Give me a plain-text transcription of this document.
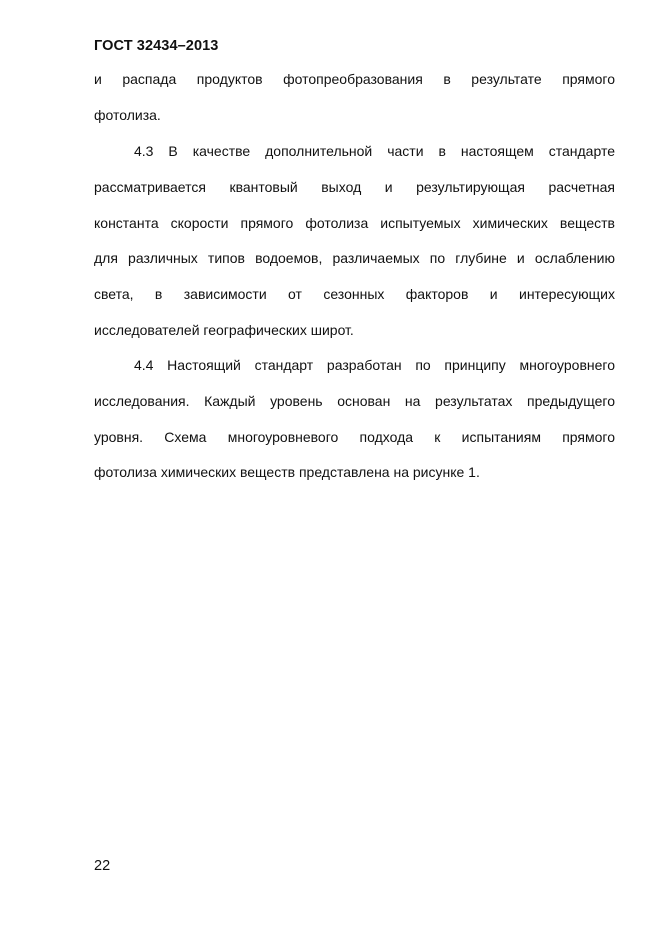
ГОСТ 32434–2013

и распада продуктов фотопреобразования в результате прямого

фотолиза.

4.3 В качестве дополнительной части в настоящем стандарте

рассматривается квантовый выход и результирующая расчетная

константа скорости прямого фотолиза испытуемых химических веществ

для различных типов водоемов, различаемых по глубине и ослаблению

света, в зависимости от сезонных факторов и интересующих

исследователей географических широт.

4.4 Настоящий стандарт разработан по принципу многоуровнего

исследования. Каждый уровень основан на результатах предыдущего

уровня. Схема многоуровневого подхода к испытаниям прямого

фотолиза химических веществ представлена на рисунке 1.

22
